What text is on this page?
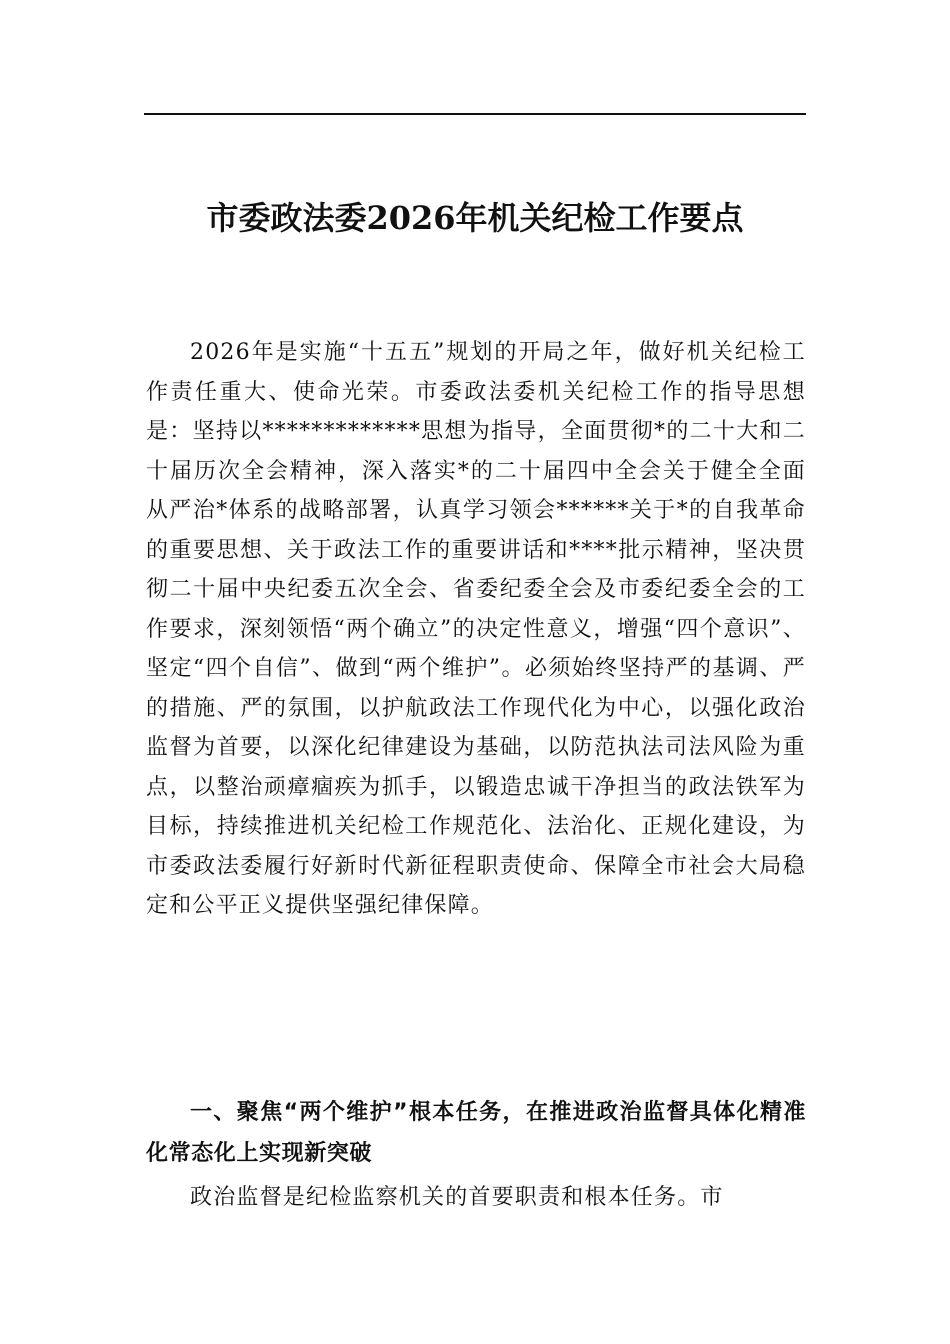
市委政法委2026年机关纪检工作要点

2026年是实施“十五五”规划的开局之年，做好机关纪检工作责任重大、使命光荣。市委政法委机关纪检工作的指导思想是：坚持以*************思想为指导，全面贯彻*的二十大和二十届历次全会精神，深入落实*的二十届四中全会关于健全全面从严治*体系的战略部署，认真学习领会******关于*的自我革命的重要思想、关于政法工作的重要讲话和****批示精神，坚决贯彻二十届中央纪委五次全会、省委纪委全会及市委纪委全会的工作要求，深刻领悟“两个确立”的决定性意义，增强“四个意识”、坚定“四个自信”、做到“两个维护”。必须始终坚持严的基调、严的措施、严的氛围，以护航政法工作现代化为中心，以强化政治监督为首要，以深化纪律建设为基础，以防范执法司法风险为重点，以整治顽瘴痼疾为抓手，以锻造忠诚干净担当的政法铁军为目标，持续推进机关纪检工作规范化、法治化、正规化建设，为市委政法委履行好新时代新征程职责使命、保障全市社会大局稳定和公平正义提供坚强纪律保障。

一、聚焦“两个维护”根本任务，在推进政治监督具体化精准化常态化上实现新突破

政治监督是纪检监察机关的首要职责和根本任务。市
